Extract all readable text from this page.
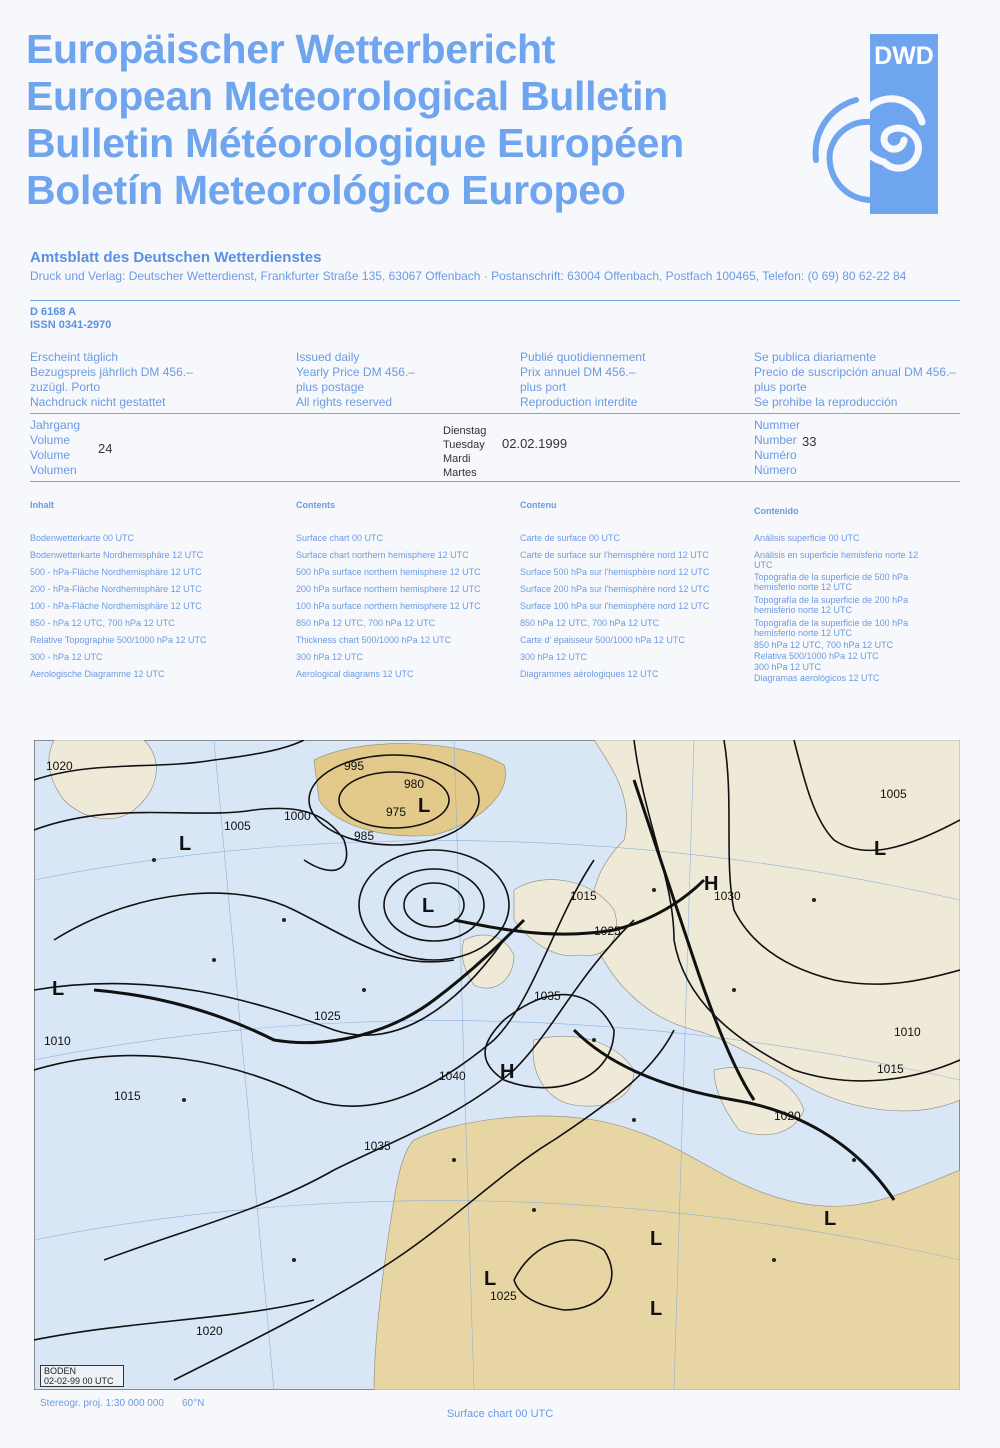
Europäischer Wetterbericht
European Meteorological Bulletin
Bulletin Météorologique Européen
Boletín Meteorológico Europeo
DWD
Amtsblatt des Deutschen Wetterdienstes
Druck und Verlag: Deutscher Wetterdienst, Frankfurter Straße 135, 63067 Offenbach · Postanschrift: 63004 Offenbach, Postfach 100465, Telefon: (0 69) 80 62-22 84
D 6168 A
ISSN 0341-2970
Erscheint täglich
Bezugspreis jährlich DM 456.–
zuzügl. Porto
Nachdruck nicht gestattet
Issued daily
Yearly Price DM 456.–
plus postage
All rights reserved
Publié quotidiennement
Prix annuel DM 456.–
plus port
Reproduction interdite
Se publica diariamente
Precio de suscripción anual DM 456.–
plus porte
Se prohibe la reproducción
Jahrgang
Volume
Volume
Volumen
24
Dienstag
Tuesday
Mardi
Martes
02.02.1999
Nummer
Number
Numéro
Número
33
Inhalt
Bodenwetterkarte 00 UTC
Bodenwetterkarte Nordhemisphäre 12 UTC
500 - hPa-Fläche Nordhemisphäre 12 UTC
200 - hPa-Fläche Nordhemisphäre 12 UTC
100 - hPa-Fläche Nordhemisphäre 12 UTC
850 - hPa 12 UTC, 700 hPa 12 UTC
Relative Topographie 500/1000 hPa 12 UTC
300 - hPa 12 UTC
Aerologische Diagramme 12 UTC
Contents
Surface chart 00 UTC
Surface chart northern hemisphere 12 UTC
500 hPa surface northern hemisphere 12 UTC
200 hPa surface northern hemisphere 12 UTC
100 hPa surface northern hemisphere 12 UTC
850 hPa 12 UTC, 700 hPa 12 UTC
Thickness chart 500/1000 hPa 12 UTC
300 hPa 12 UTC
Aerological diagrams 12 UTC
Contenu
Carte de surface 00 UTC
Carte de surface sur l'hemisphère nord 12 UTC
Surface 500 hPa sur l'hemisphère nord 12 UTC
Surface 200 hPa sur l'hemisphère nord 12 UTC
Surface 100 hPa sur l'hemisphère nord 12 UTC
850 hPa 12 UTC, 700 hPa 12 UTC
Carte d' épaisseur 500/1000 hPa 12 UTC
300 hPa 12 UTC
Diagrammes aérologiques 12 UTC
Contenido
Análisis superficie 00 UTC
Análisis en superficie hemisferio norte 12 UTC
Topografía de la superficie de 500 hPa hemisferio norte 12 UTC
Topografía de la superficie de 200 hPa hemisferio norte 12 UTC
Topografía de la superficie de 100 hPa hemisferio norte 12 UTC
850 hPa 12 UTC, 700 hPa 12 UTC
Relativa 500/1000 hPa 12 UTC
300 hPa 12 UTC
Diagramas aerológicos 12 UTC
1020
1015
1010
1005
1000
995
985
980
975
1025
1030
1035
1040
1010
1005
1015
1015
1020
1025
1035
1025
1020
L
L
L
L
H
L
L
L
L
H
L
BODEN
02-02-99 00 UTC
Stereogr. proj. 1:30 000 000 60°N
Surface chart 00 UTC
